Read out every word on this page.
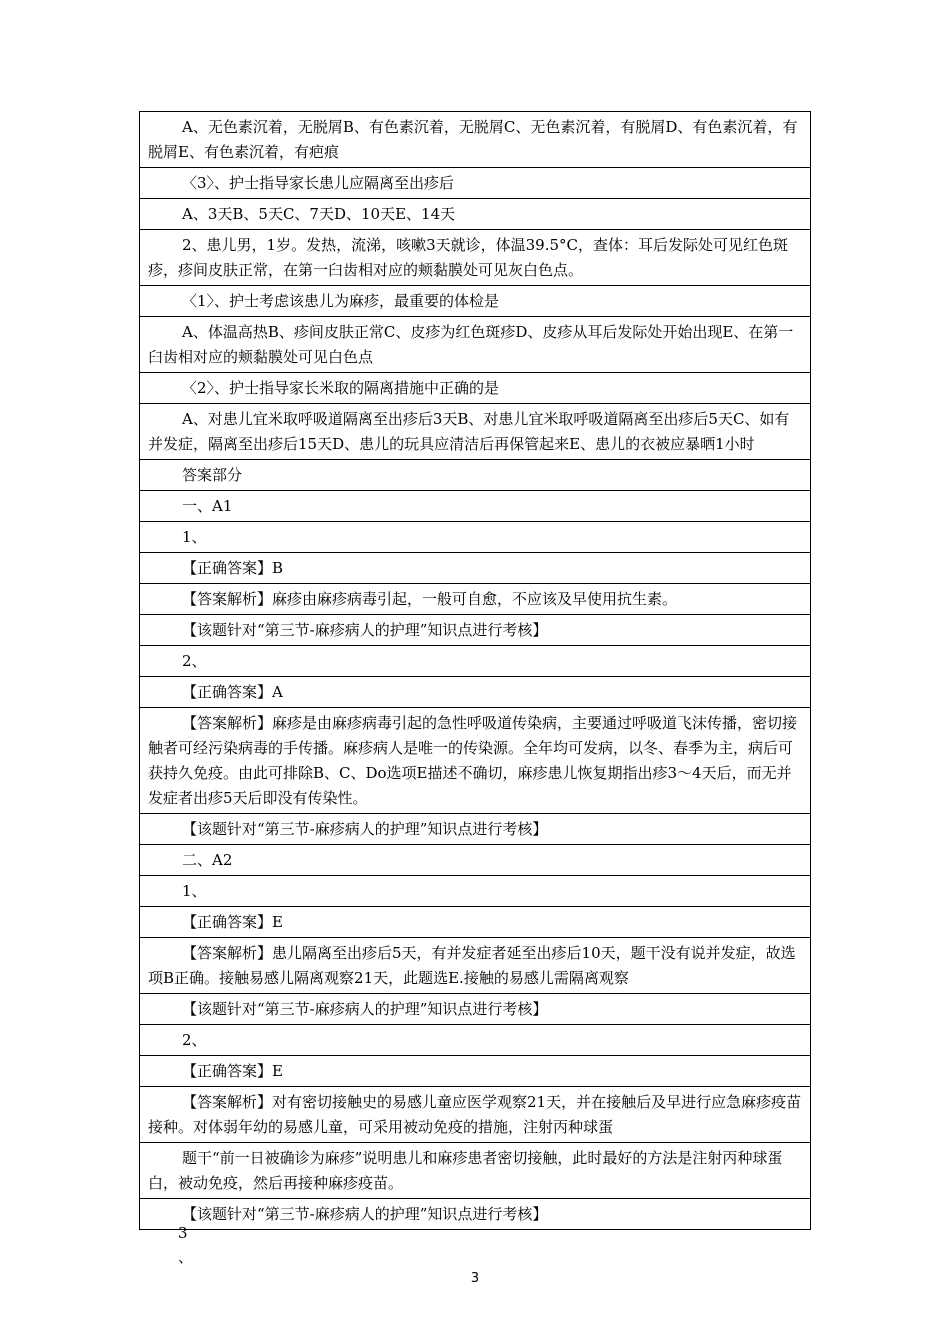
A、无色素沉着，无脱屑B、有色素沉着，无脱屑C、无色素沉着，有脱屑D、有色素沉着，有脱屑E、有色素沉着，有疤痕
〈3〉、护士指导家长患儿应隔离至出疹后
A、3天B、5天C、7天D、10天E、14天
2、患儿男，1岁。发热，流涕，咳嗽3天就诊，体温39.5°C，查体：耳后发际处可见红色斑疹，疹间皮肤正常，在第一臼齿相对应的颊黏膜处可见灰白色点。
〈1〉、护士考虑该患儿为麻疹，最重要的体检是
A、体温高热B、疹间皮肤正常C、皮疹为红色斑疹D、皮疹从耳后发际处开始出现E、在第一臼齿相对应的颊黏膜处可见白色点
〈2〉、护士指导家长米取的隔离措施中正确的是
A、对患儿宜米取呼吸道隔离至出疹后3天B、对患儿宜米取呼吸道隔离至出疹后5天C、如有并发症，隔离至出疹后15天D、患儿的玩具应清洁后再保管起来E、患儿的衣被应暴晒1小时
答案部分
一、A1
1、
【正确答案】B
【答案解析】麻疹由麻疹病毒引起，一般可自愈，不应该及早使用抗生素。
【该题针对“第三节-麻疹病人的护理”知识点进行考核】
2、
【正确答案】A
【答案解析】麻疹是由麻疹病毒引起的急性呼吸道传染病，主要通过呼吸道飞沫传播，密切接触者可经污染病毒的手传播。麻疹病人是唯一的传染源。全年均可发病，以冬、春季为主，病后可获持久免疫。由此可排除B、C、Do选项E描述不确切，麻疹患儿恢复期指出疹3〜4天后，而无并发症者出疹5天后即没有传染性。
【该题针对“第三节-麻疹病人的护理”知识点进行考核】
二、A2
1、
【正确答案】E
【答案解析】患儿隔离至出疹后5天，有并发症者延至出疹后10天，题干没有说并发症，故选项B正确。接触易感儿隔离观察21天，此题选E.接触的易感儿需隔离观察
【该题针对“第三节-麻疹病人的护理”知识点进行考核】
2、
【正确答案】E
【答案解析】对有密切接触史的易感儿童应医学观察21天，并在接触后及早进行应急麻疹疫苗接种。对体弱年幼的易感儿童，可采用被动免疫的措施，注射丙种球蛋
题干“前一日被确诊为麻疹”说明患儿和麻疹患者密切接触，此时最好的方法是注射丙种球蛋白，被动免疫，然后再接种麻疹疫苗。
【该题针对“第三节-麻疹病人的护理”知识点进行考核】
3
、
3
